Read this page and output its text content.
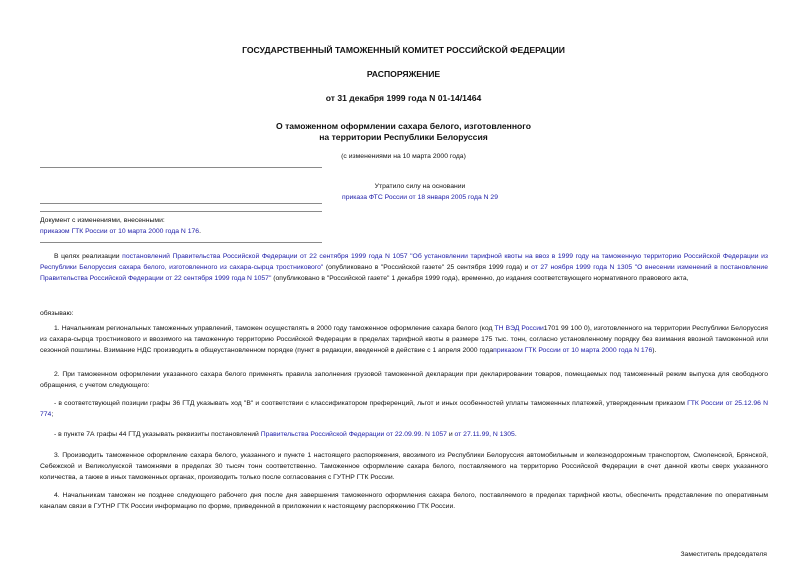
ГОСУДАРСТВЕННЫЙ ТАМОЖЕННЫЙ КОМИТЕТ РОССИЙСКОЙ ФЕДЕРАЦИИ
РАСПОРЯЖЕНИЕ
от 31 декабря 1999 года N 01-14/1464
О таможенном оформлении сахара белого, изготовленного
на территории Республики Белоруссия
(с изменениями на 10 марта 2000 года)
Утратило силу на основании
приказа ФТС России от 18 января 2005 года N 29
Документ с изменениями, внесенными:
приказом ГТК России от 10 марта 2000 года N 176.

В целях реализации постановлений Правительства Российской Федерации от 22 сентября 1999 года N 1057 "Об установлении тарифной квоты на ввоз в 1999 году на таможенную территорию Российской Федерации из Республики Белоруссия сахара белого, изготовленного из сахара-сырца тростникового" (опубликовано в "Российской газете" 25 сентября 1999 года) и от 27 ноября 1999 года N 1305 "О внесении изменений в постановление Правительства Российской Федерации от 22 сентября 1999 года N 1057" (опубликовано в "Российской газете" 1 декабря 1999 года), временно, до издания соответствующего нормативного правового акта,

обязываю:

1. Начальникам региональных таможенных управлений, таможен осуществлять в 2000 году таможенное оформление сахара белого (код ТН ВЭД России1701 99 100 0), изготовленного на территории Республики Белоруссия из сахара-сырца тростникового и ввозимого на таможенную территорию Российской Федерации в пределах тарифной квоты в размере 175 тыс. тонн, согласно установленному порядку без взимания ввозной таможенной или сезонной пошлины. Взимание НДС производить в общеустановленном порядке (пункт в редакции, введенной в действие с 1 апреля 2000 годаприказом ГТК России от 10 марта 2000 года N 176).

2. При таможенном оформлении указанного сахара белого применять правила заполнения грузовой таможенной декларации при декларировании товаров, помещаемых под таможенный режим выпуска для свободного обращения, с учетом следующего:

- в соответствующей позиции графы 36 ГТД указывать ход "В" и соответствии с классификатором преференций, льгот и иных особенностей уплаты таможенных платежей, утвержденным приказом ГТК России от 25.12.96 N 774;

- в пункте 7А графы 44 ГТД указывать реквизиты постановлений Правительства Российской Федерации от 22.09.99. N 1057 и от 27.11.99, N 1305.

3. Производить таможенное оформление сахара белого, указанного и пункте 1 настоящего распоряжения, ввозимого из Республики Белоруссия автомобильным и железнодорожным транспортом, Смоленской, Брянской, Себежской и Великолукской таможнями в пределах 30 тысяч тонн соответственно. Таможенное оформление сахара белого, поставляемого на территорию Российской Федерации в счет данной квоты сверх указанного количества, а также в иных таможенных органах, производить только после согласования с ГУТНР ГТК России.

4. Начальникам таможен не позднее следующего рабочего дня после дня завершения таможенного оформления сахара белого, поставляемого в пределах тарифной квоты, обеспечить представление по оперативным каналам связи в ГУТНР ГТК России информацию по форме, приведенной в приложении к настоящему распоряжению ГТК России.

Заместитель председателя
